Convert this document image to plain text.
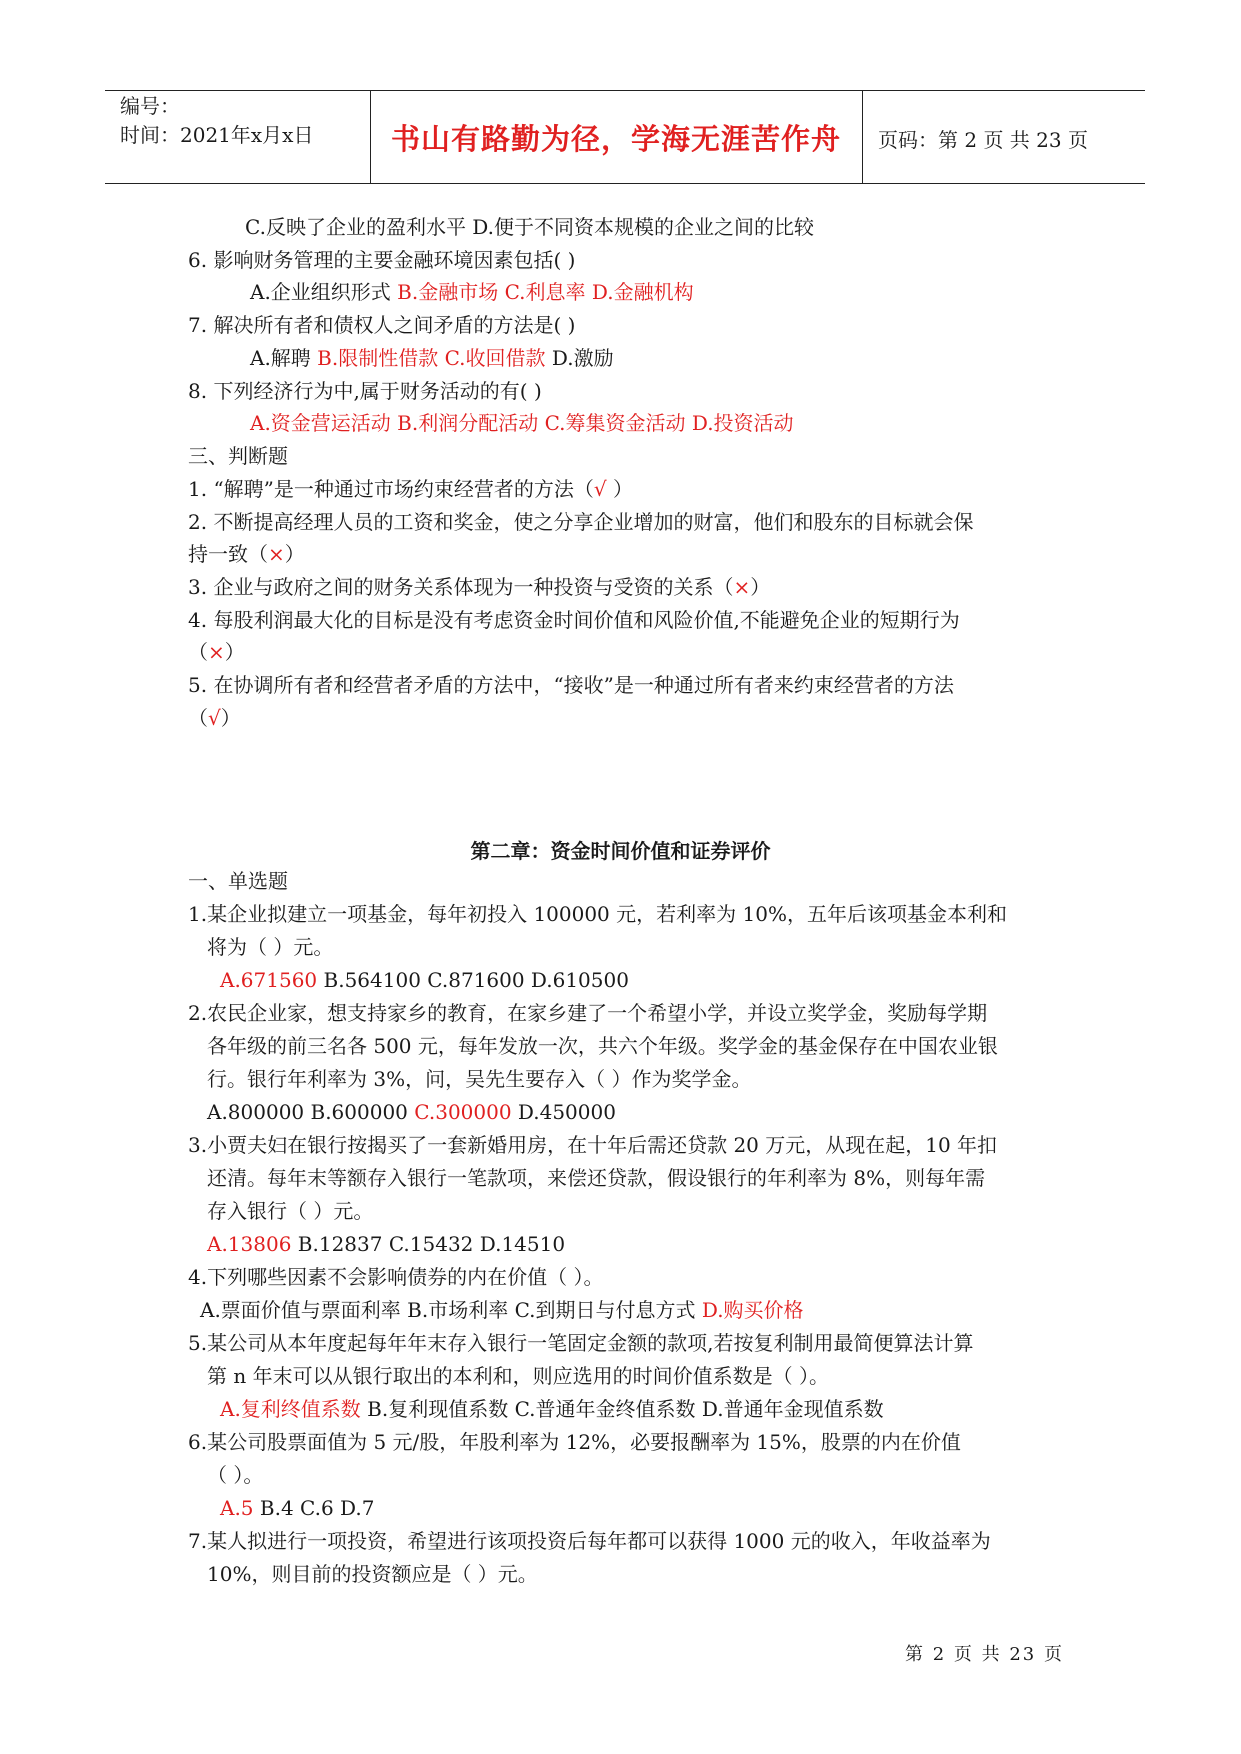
编号：
时间：2021年x月x日	书山有路勤为径，学海无涯苦作舟	页码：第 2 页 共 23 页
C.反映了企业的盈利水平 D.便于不同资本规模的企业之间的比较
6. 影响财务管理的主要金融环境因素包括( )
A.企业组织形式 B.金融市场 C.利息率 D.金融机构
7. 解决所有者和债权人之间矛盾的方法是( )
A.解聘 B.限制性借款 C.收回借款 D.激励
8. 下列经济行为中,属于财务活动的有( )
A.资金营运活动 B.利润分配活动 C.筹集资金活动 D.投资活动
三、判断题
1. “解聘”是一种通过市场约束经营者的方法（√ ）
2. 不断提高经理人员的工资和奖金，使之分享企业增加的财富，他们和股东的目标就会保
持一致（×）
3. 企业与政府之间的财务关系体现为一种投资与受资的关系（×）
4. 每股利润最大化的目标是没有考虑资金时间价值和风险价值,不能避免企业的短期行为
（×）
5. 在协调所有者和经营者矛盾的方法中，“接收”是一种通过所有者来约束经营者的方法
（√）
第二章：资金时间价值和证券评价
一、单选题
1.某企业拟建立一项基金，每年初投入 100000 元，若利率为 10%，五年后该项基金本利和
将为（ ）元。
A.671560 B.564100 C.871600 D.610500
2.农民企业家，想支持家乡的教育，在家乡建了一个希望小学，并设立奖学金，奖励每学期
各年级的前三名各 500 元，每年发放一次，共六个年级。奖学金的基金保存在中国农业银
行。银行年利率为 3%，问，吴先生要存入（ ）作为奖学金。
A.800000 B.600000 C.300000 D.450000
3.小贾夫妇在银行按揭买了一套新婚用房，在十年后需还贷款 20 万元，从现在起，10 年扣
还清。每年末等额存入银行一笔款项，来偿还贷款，假设银行的年利率为 8%，则每年需
存入银行（ ）元。
A.13806 B.12837 C.15432 D.14510
4.下列哪些因素不会影响债券的内在价值（ ）。
A.票面价值与票面利率 B.市场利率 C.到期日与付息方式 D.购买价格
5.某公司从本年度起每年年末存入银行一笔固定金额的款项,若按复利制用最简便算法计算
第 n 年末可以从银行取出的本利和，则应选用的时间价值系数是（ ）。
A.复利终值系数 B.复利现值系数 C.普通年金终值系数 D.普通年金现值系数
6.某公司股票面值为 5 元/股，年股利率为 12%，必要报酬率为 15%，股票的内在价值
（ ）。
A.5 B.4 C.6 D.7
7.某人拟进行一项投资，希望进行该项投资后每年都可以获得 1000 元的收入，年收益率为
10%，则目前的投资额应是（ ）元。
第 2 页 共 23 页
